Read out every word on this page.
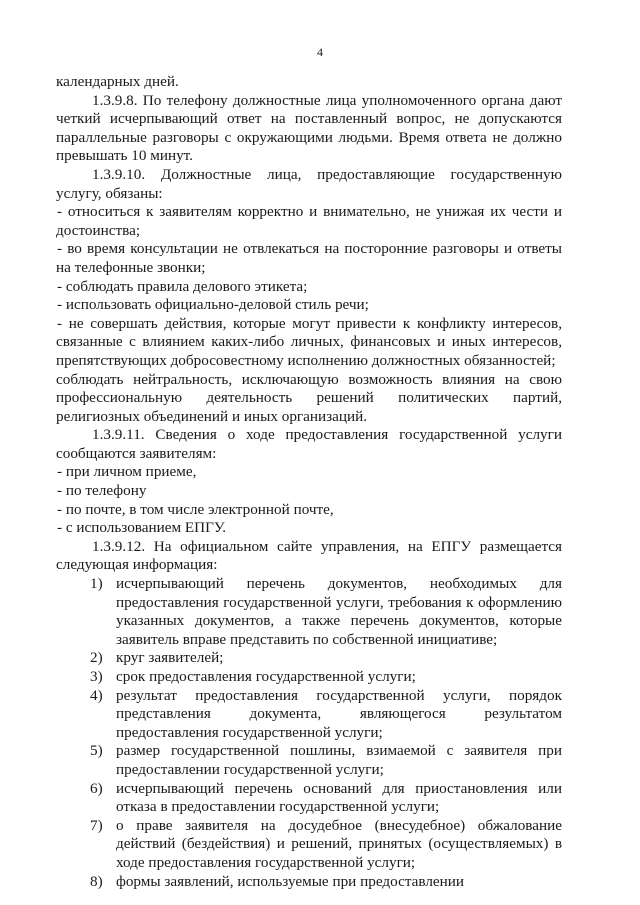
4

календарных дней.

1.3.9.8. По телефону должностные лица уполномоченного органа дают четкий исчерпывающий ответ на поставленный вопрос, не допускаются параллельные разговоры с окружающими людьми. Время ответа не должно превышать 10 минут.

1.3.9.10. Должностные лица, предоставляющие государственную услугу, обязаны:

- относиться к заявителям корректно и внимательно, не унижая их чести и достоинства;

- во время консультации не отвлекаться на посторонние разговоры и ответы на телефонные звонки;

- соблюдать правила делового этикета;

- использовать официально-деловой стиль речи;

- не совершать действия, которые могут привести к конфликту интересов, связанные с влиянием каких-либо личных, финансовых и иных интересов, препятствующих добросовестному исполнению должностных обязанностей;

соблюдать нейтральность, исключающую возможность влияния на свою профессиональную деятельность решений политических партий, религиозных объединений и иных организаций.

1.3.9.11. Сведения о ходе предоставления государственной услуги сообщаются заявителям:

- при личном приеме,

- по телефону

- по почте, в том числе электронной почте,

- с использованием ЕПГУ.

1.3.9.12. На официальном сайте управления, на ЕПГУ размещается следующая информация:

1) исчерпывающий перечень документов, необходимых для предоставления государственной услуги, требования к оформлению указанных документов, а также перечень документов, которые заявитель вправе представить по собственной инициативе;
2) круг заявителей;
3) срок предоставления государственной услуги;
4) результат предоставления государственной услуги, порядок представления документа, являющегося результатом предоставления государственной услуги;
5) размер государственной пошлины, взимаемой с заявителя при предоставлении государственной услуги;
6) исчерпывающий перечень оснований для приостановления или отказа в предоставлении государственной услуги;
7) о праве заявителя на досудебное (внесудебное) обжалование действий (бездействия) и решений, принятых (осуществляемых) в ходе предоставления государственной услуги;
8) формы заявлений, используемые при предоставлении
